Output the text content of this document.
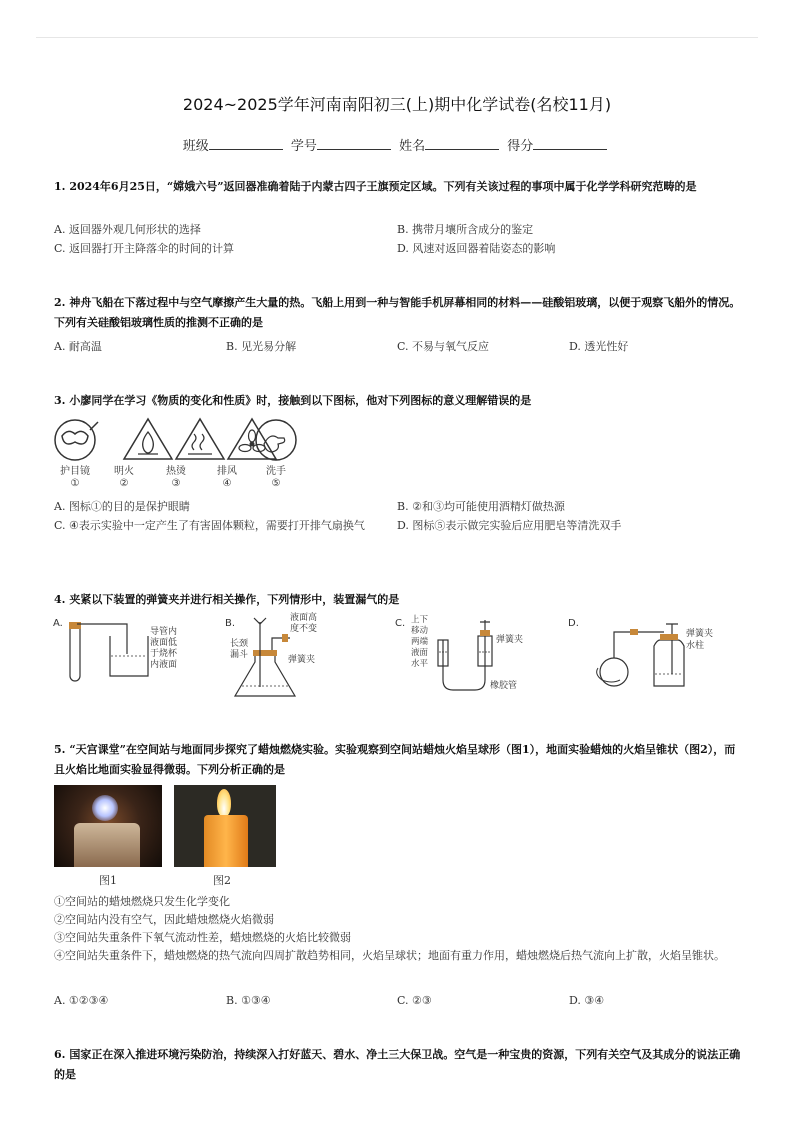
2024~2025学年河南南阳初三(上)期中化学试卷(名校11月)
班级	学号	姓名	得分
1. 2024年6月25日，“嫦娥六号”返回器准确着陆于内蒙古四子王旗预定区域。下列有关该过程的事项中属于化学学科研究范畴的是
A. 返回器外观几何形状的选择	B. 携带月壤所含成分的鉴定
C. 返回器打开主降落伞的时间的计算	D. 风速对返回器着陆姿态的影响
2. 神舟飞船在下落过程中与空气摩擦产生大量的热。飞船上用到一种与智能手机屏幕相同的材料——硅酸铝玻璃，以便于观察飞船外的情况。下列有关硅酸铝玻璃性质的推测不正确的是
A. 耐高温	B. 见光易分解	C. 不易与氧气反应	D. 透光性好
3. 小廖同学在学习《物质的变化和性质》时，接触到以下图标，他对下列图标的意义理解错误的是
护目镜
①
明火
②
热烫
③
排风
④
洗手
⑤
A. 图标①的目的是保护眼睛	B. ②和③均可能使用酒精灯做热源
C. ④表示实验中一定产生了有害固体颗粒，需要打开排气扇换气	D. 图标⑤表示做完实验后应用肥皂等清洗双手
4. 夹紧以下装置的弹簧夹并进行相关操作，下列情形中，装置漏气的是
A.
导管内
液面低
于烧杯
内液面
B.	液面高
度不变
长颈
漏斗	弹簧夹
C. 上下
移动
两端
液面
水平
弹簧夹
橡胶管
D.
弹簧夹
水柱
5. “天宫课堂”在空间站与地面同步探究了蜡烛燃烧实验。实验观察到空间站蜡烛火焰呈球形（图1），地面实验蜡烛的火焰呈锥状（图2），而且火焰比地面实验显得微弱。下列分析正确的是
图1	图2
①空间站的蜡烛燃烧只发生化学变化
②空间站内没有空气，因此蜡烛燃烧火焰微弱
③空间站失重条件下氧气流动性差，蜡烛燃烧的火焰比较微弱
④空间站失重条件下，蜡烛燃烧的热气流向四周扩散趋势相同，火焰呈球状；地面有重力作用，蜡烛燃烧后热气流向上扩散，火焰呈锥状。
A. ①②③④	B. ①③④	C. ②③	D. ③④
6. 国家正在深入推进环境污染防治，持续深入打好蓝天、碧水、净土三大保卫战。空气是一种宝贵的资源，下列有关空气及其成分的说法正确的是
